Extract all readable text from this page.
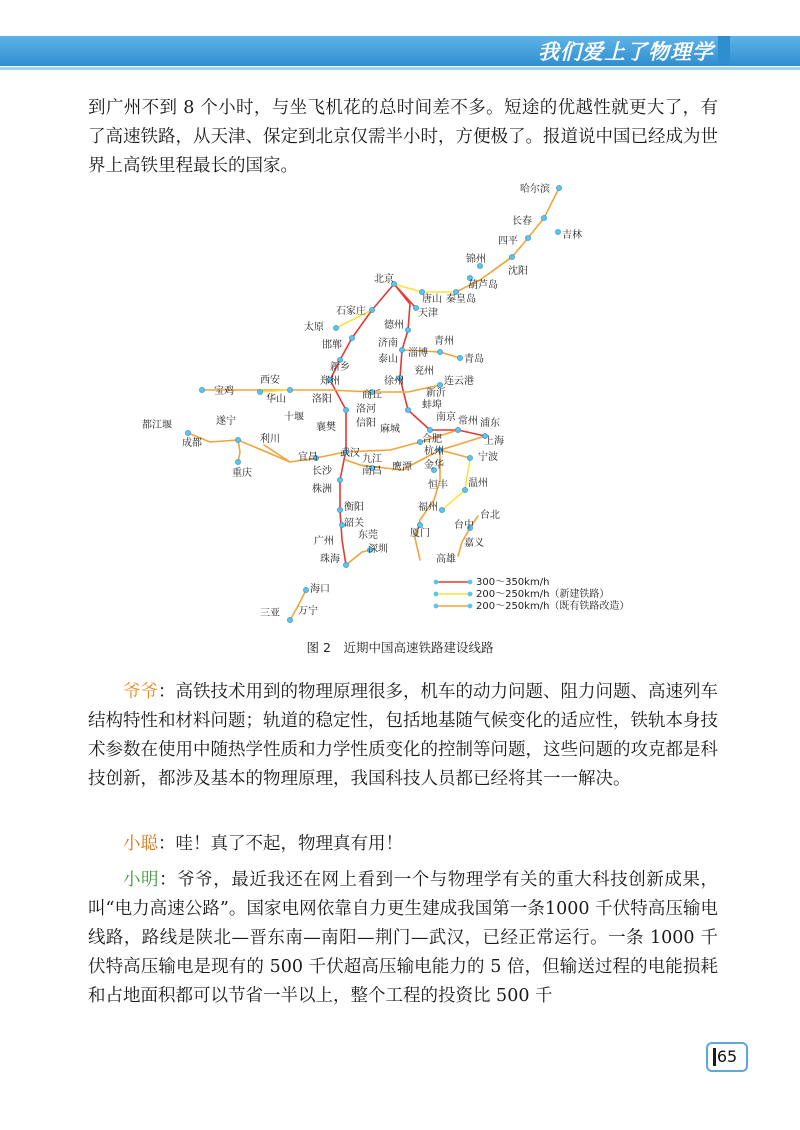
我们爱上了物理学
到广州不到 8 个小时，与坐飞机花的总时间差不多。短途的优越性就更大了，有了高速铁路，从天津、保定到北京仅需半小时，方便极了。报道说中国已经成为世界上高铁里程最长的国家。
哈尔滨
长春
吉林
四平
锦州
沈阳
葫芦岛
北京
唐山 秦皇岛
天津
石家庄
太原	德州
邯郸	济南	青州
淄博
泰山	青岛
新乡	兖州
郑州	徐州	连云港
西安
宝鸡
华山	洛阳	商丘	新沂
蚌埠
洛河
信阳
十堰
襄樊
南京 常州 浦东
遂宁
都江堰
成都	利川
宜昌
麻城
合肥	上海
武汉	杭州
宁波
重庆	长沙
九江
南昌
金华
鹰潭
恒丰 温州
株洲
衡阳	福州
韶关
台北
台中
厦门
广州
东莞
嘉义
深圳
珠海	高雄
海口
三亚 万宁
300～350km/h
200～250km/h（新建铁路）
200～250km/h（既有铁路改造）
图 2　近期中国高速铁路建设线路
爷爷：高铁技术用到的物理原理很多，机车的动力问题、阻力问题、高速列车结构特性和材料问题；轨道的稳定性，包括地基随气候变化的适应性，铁轨本身技术参数在使用中随热学性质和力学性质变化的控制等问题，这些问题的攻克都是科技创新，都涉及基本的物理原理，我国科技人员都已经将其一一解决。
小聪：哇！真了不起，物理真有用！
小明：爷爷，最近我还在网上看到一个与物理学有关的重大科技创新成果，叫“电力高速公路”。国家电网依靠自力更生建成我国第一条1000 千伏特高压输电线路，路线是陕北—晋东南—南阳—荆门—武汉，已经正常运行。一条 1000 千伏特高压输电是现有的 500 千伏超高压输电能力的 5 倍，但输送过程的电能损耗和占地面积都可以节省一半以上，整个工程的投资比 500 千
65
